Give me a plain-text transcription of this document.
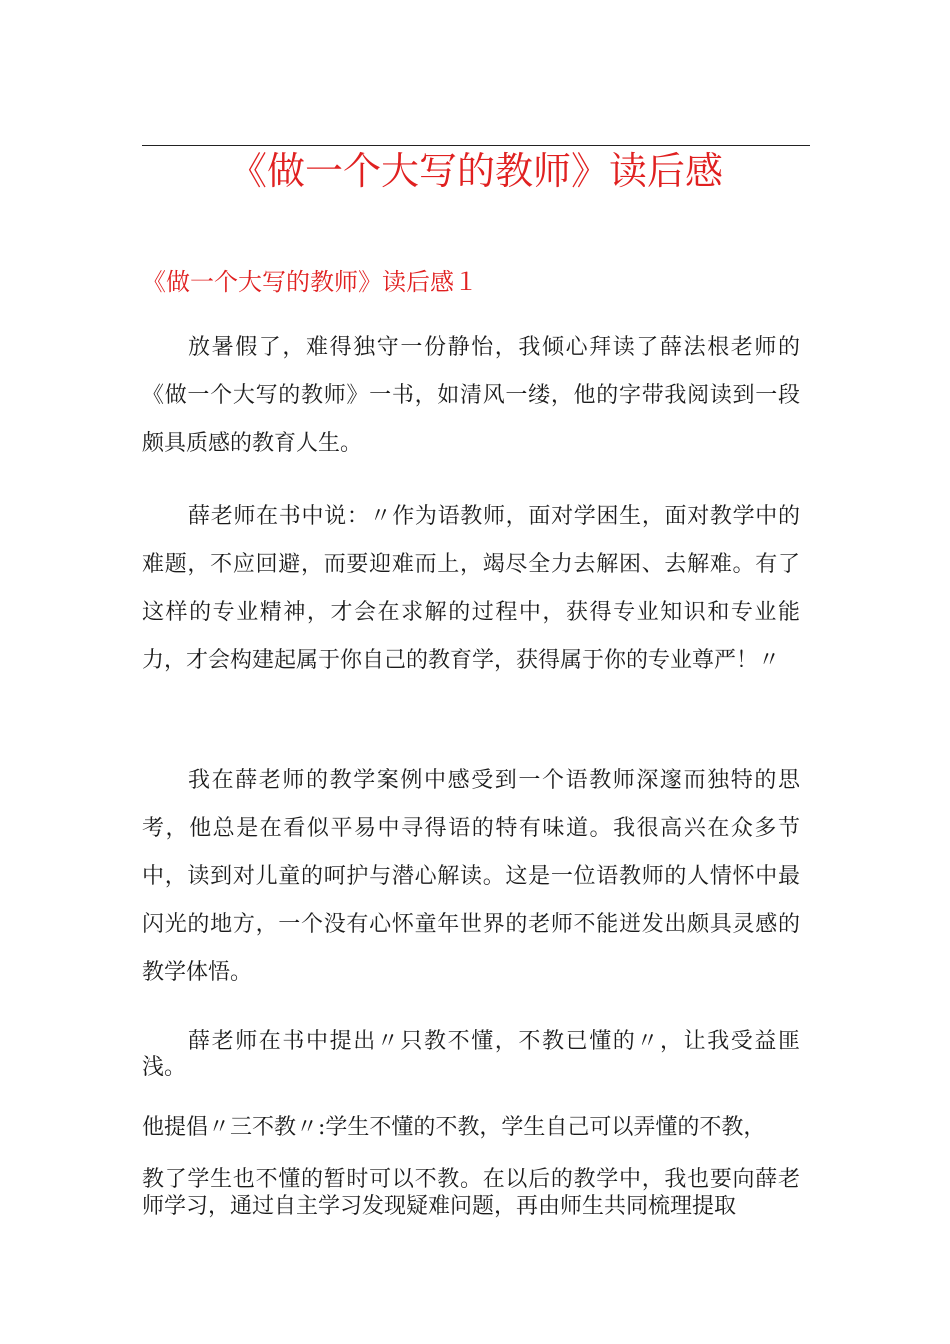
《做一个大写的教师》读后感
《做一个大写的教师》读后感１

放暑假了，难得独守一份静怡，我倾心拜读了薛法根老师的《做一个大写的教师》一书，如清风一缕，他的字带我阅读到一段颇具质感的教育人生。

薛老师在书中说：〃作为语教师，面对学困生，面对教学中的难题，不应回避，而要迎难而上，竭尽全力去解困、去解难。有了这样的专业精神，才会在求解的过程中，获得专业知识和专业能力，才会构建起属于你自己的教育学，获得属于你的专业尊严！〃

我在薛老师的教学案例中感受到一个语教师深邃而独特的思考，他总是在看似平易中寻得语的特有味道。我很高兴在众多节中，读到对儿童的呵护与潜心解读。这是一位语教师的人情怀中最闪光的地方，一个没有心怀童年世界的老师不能迸发出颇具灵感的教学体悟。

薛老师在书中提出〃只教不懂，不教已懂的〃，让我受益匪浅。

他提倡〃三不教〃:学生不懂的不教，学生自己可以弄懂的不教，

教了学生也不懂的暂时可以不教。在以后的教学中，我也要向薛老师学习，通过自主学习发现疑难问题，再由师生共同梳理提取
